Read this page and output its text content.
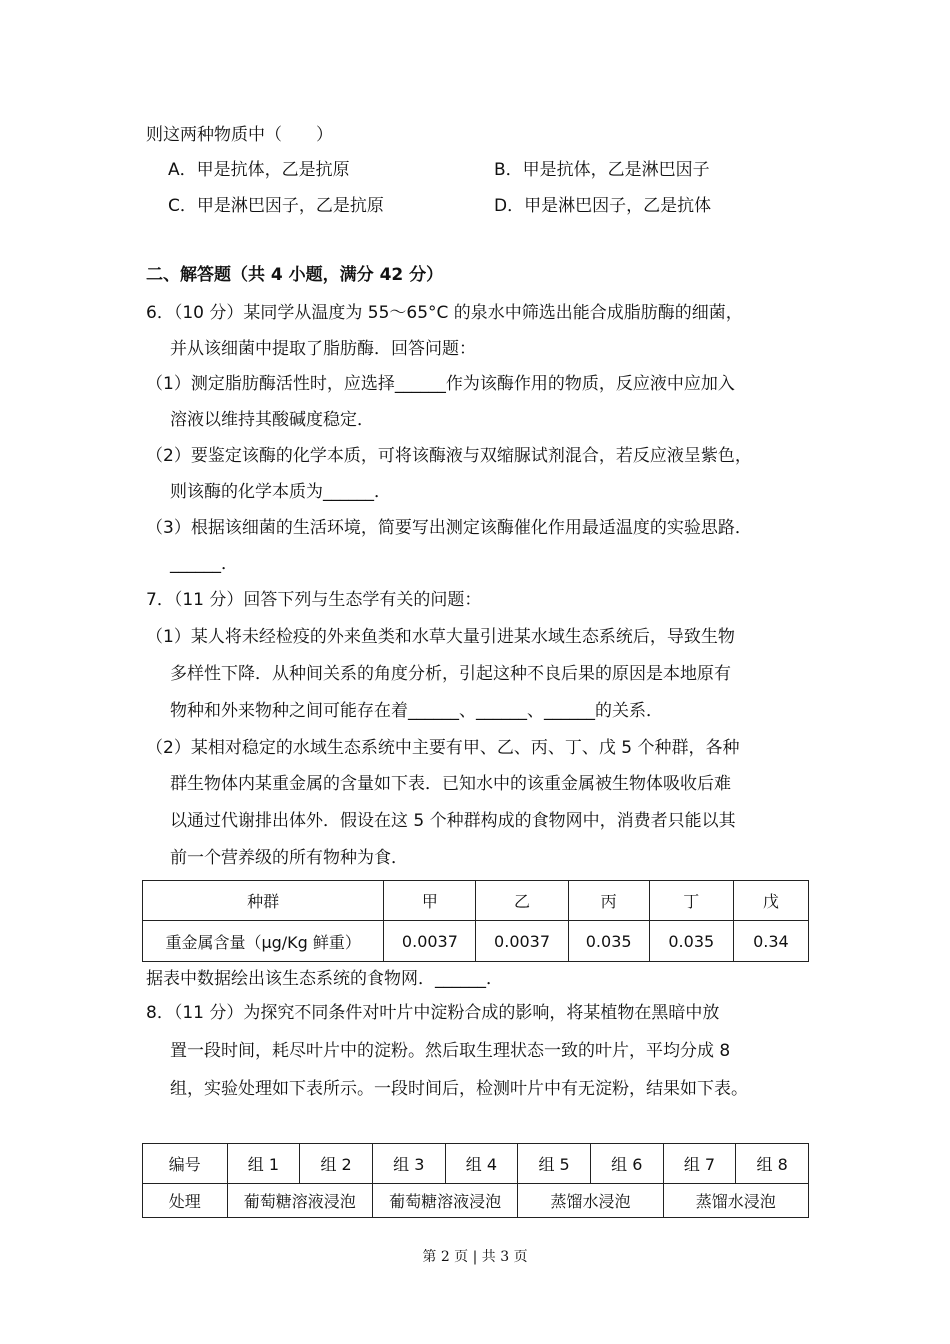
则这两种物质中（　　）
A．甲是抗体，乙是抗原	B．甲是抗体，乙是淋巴因子
C．甲是淋巴因子，乙是抗原	D．甲是淋巴因子，乙是抗体
二、解答题（共 4 小题，满分 42 分）
6．（10 分）某同学从温度为 55～65°C 的泉水中筛选出能合成脂肪酶的细菌，
并从该细菌中提取了脂肪酶．回答问题：
（1）测定脂肪酶活性时，应选择______作为该酶作用的物质，反应液中应加入
溶液以维持其酸碱度稳定．
（2）要鉴定该酶的化学本质，可将该酶液与双缩脲试剂混合，若反应液呈紫色，
则该酶的化学本质为______．
（3）根据该细菌的生活环境，简要写出测定该酶催化作用最适温度的实验思路．
______．
7．（11 分）回答下列与生态学有关的问题：
（1）某人将未经检疫的外来鱼类和水草大量引进某水域生态系统后，导致生物
多样性下降．从种间关系的角度分析，引起这种不良后果的原因是本地原有
物种和外来物种之间可能存在着______、______、______的关系．
（2）某相对稳定的水域生态系统中主要有甲、乙、丙、丁、戊 5 个种群，各种
群生物体内某重金属的含量如下表．已知水中的该重金属被生物体吸收后难
以通过代谢排出体外．假设在这 5 个种群构成的食物网中，消费者只能以其
前一个营养级的所有物种为食．
种群	甲	乙	丙	丁	戊
重金属含量（μg/Kg 鲜重）	0.0037	0.0037	0.035	0.035	0.34
据表中数据绘出该生态系统的食物网．______．
8．（11 分）为探究不同条件对叶片中淀粉合成的影响，将某植物在黑暗中放
置一段时间，耗尽叶片中的淀粉。然后取生理状态一致的叶片，平均分成 8
组，实验处理如下表所示。一段时间后，检测叶片中有无淀粉，结果如下表。
编号	组 1	组 2	组 3	组 4	组 5	组 6	组 7	组 8
处理	葡萄糖溶液浸泡		葡萄糖溶液浸泡		蒸馏水浸泡		蒸馏水浸泡	
第 2 页 | 共 3 页
